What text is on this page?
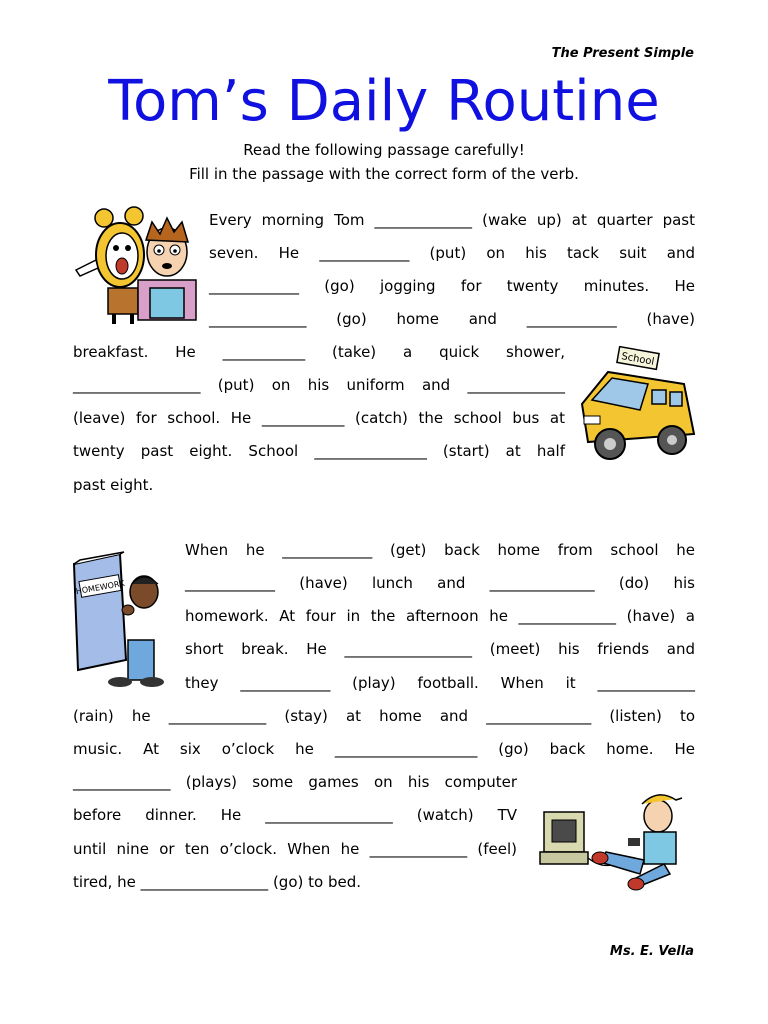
The Present Simple
Tom’s Daily Routine
Read the following passage carefully!
Fill in the passage with the correct form of the verb.
School
HOMEWORK
Every morning Tom _____________ (wake up) at quarter past
seven. He ____________ (put) on his tack suit and
____________ (go) jogging for twenty minutes. He
_____________ (go) home and ____________ (have)
breakfast. He ___________ (take) a quick shower,
_________________ (put) on his uniform and _____________
(leave) for school. He ___________ (catch) the school bus at
twenty past eight. School _______________ (start) at half
past eight.
When he ____________ (get) back home from school he
____________ (have) lunch and ______________ (do) his
homework. At four in the afternoon he _____________ (have) a
short break. He _________________ (meet) his friends and
they ____________ (play) football. When it _____________
(rain) he _____________ (stay) at home and ______________ (listen) to
music. At six o’clock he ___________________ (go) back home. He
_____________ (plays) some games on his computer
before dinner. He _________________ (watch) TV
until nine or ten o’clock. When he _____________ (feel)
tired, he _________________ (go) to bed.
Ms. E. Vella
